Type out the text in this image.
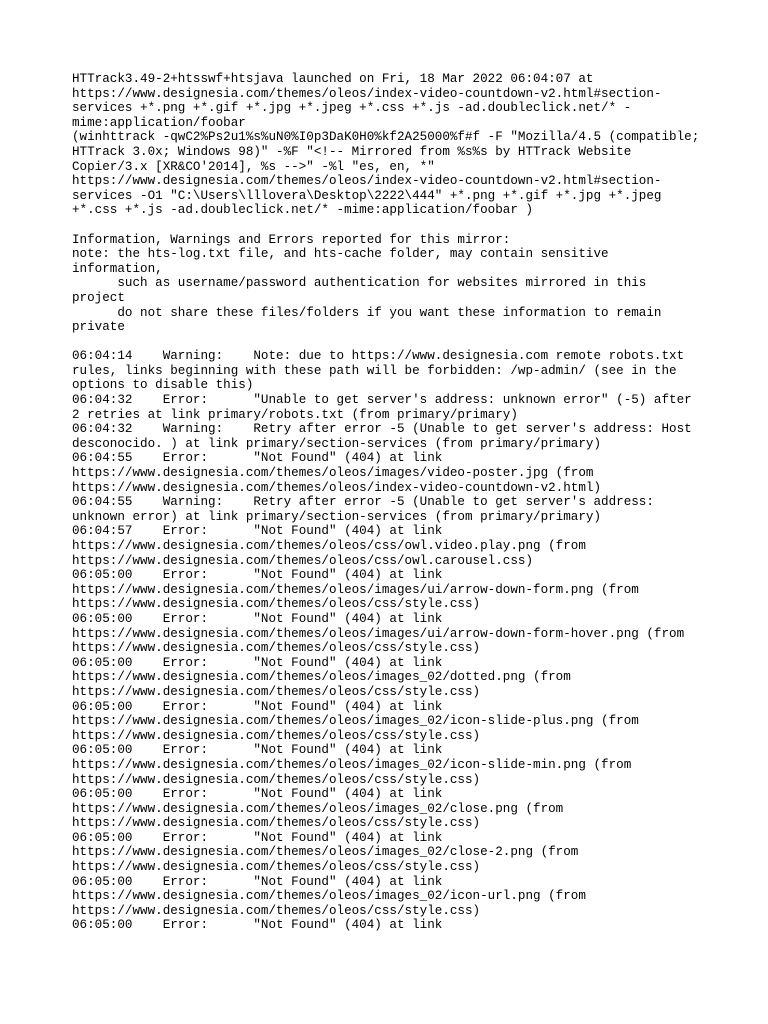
HTTrack3.49-2+htsswf+htsjava launched on Fri, 18 Mar 2022 06:04:07 at
https://www.designesia.com/themes/oleos/index-video-countdown-v2.html#section-
services +*.png +*.gif +*.jpg +*.jpeg +*.css +*.js -ad.doubleclick.net/* -
mime:application/foobar
(winhttrack -qwC2%Ps2u1%s%uN0%I0p3DaK0H0%kf2A25000%f#f -F "Mozilla/4.5 (compatible;
HTTrack 3.0x; Windows 98)" -%F "<!-- Mirrored from %s%s by HTTrack Website
Copier/3.x [XR&CO'2014], %s -->" -%l "es, en, *"
https://www.designesia.com/themes/oleos/index-video-countdown-v2.html#section-
services -O1 "C:\Users\lllovera\Desktop\2222\444" +*.png +*.gif +*.jpg +*.jpeg
+*.css +*.js -ad.doubleclick.net/* -mime:application/foobar )
Information, Warnings and Errors reported for this mirror:
note: the hts-log.txt file, and hts-cache folder, may contain sensitive
information,
such as username/password authentication for websites mirrored in this
project
do not share these files/folders if you want these information to remain
private
06:04:14    Warning:    Note: due to https://www.designesia.com remote robots.txt
rules, links beginning with these path will be forbidden: /wp-admin/ (see in the
options to disable this)
06:04:32    Error:      "Unable to get server's address: unknown error" (-5) after
2 retries at link primary/robots.txt (from primary/primary)
06:04:32    Warning:    Retry after error -5 (Unable to get server's address: Host
desconocido. ) at link primary/section-services (from primary/primary)
06:04:55    Error:      "Not Found" (404) at link
https://www.designesia.com/themes/oleos/images/video-poster.jpg (from
https://www.designesia.com/themes/oleos/index-video-countdown-v2.html)
06:04:55    Warning:    Retry after error -5 (Unable to get server's address:
unknown error) at link primary/section-services (from primary/primary)
06:04:57    Error:      "Not Found" (404) at link
https://www.designesia.com/themes/oleos/css/owl.video.play.png (from
https://www.designesia.com/themes/oleos/css/owl.carousel.css)
06:05:00    Error:      "Not Found" (404) at link
https://www.designesia.com/themes/oleos/images/ui/arrow-down-form.png (from
https://www.designesia.com/themes/oleos/css/style.css)
06:05:00    Error:      "Not Found" (404) at link
https://www.designesia.com/themes/oleos/images/ui/arrow-down-form-hover.png (from
https://www.designesia.com/themes/oleos/css/style.css)
06:05:00    Error:      "Not Found" (404) at link
https://www.designesia.com/themes/oleos/images_02/dotted.png (from
https://www.designesia.com/themes/oleos/css/style.css)
06:05:00    Error:      "Not Found" (404) at link
https://www.designesia.com/themes/oleos/images_02/icon-slide-plus.png (from
https://www.designesia.com/themes/oleos/css/style.css)
06:05:00    Error:      "Not Found" (404) at link
https://www.designesia.com/themes/oleos/images_02/icon-slide-min.png (from
https://www.designesia.com/themes/oleos/css/style.css)
06:05:00    Error:      "Not Found" (404) at link
https://www.designesia.com/themes/oleos/images_02/close.png (from
https://www.designesia.com/themes/oleos/css/style.css)
06:05:00    Error:      "Not Found" (404) at link
https://www.designesia.com/themes/oleos/images_02/close-2.png (from
https://www.designesia.com/themes/oleos/css/style.css)
06:05:00    Error:      "Not Found" (404) at link
https://www.designesia.com/themes/oleos/images_02/icon-url.png (from
https://www.designesia.com/themes/oleos/css/style.css)
06:05:00    Error:      "Not Found" (404) at link
